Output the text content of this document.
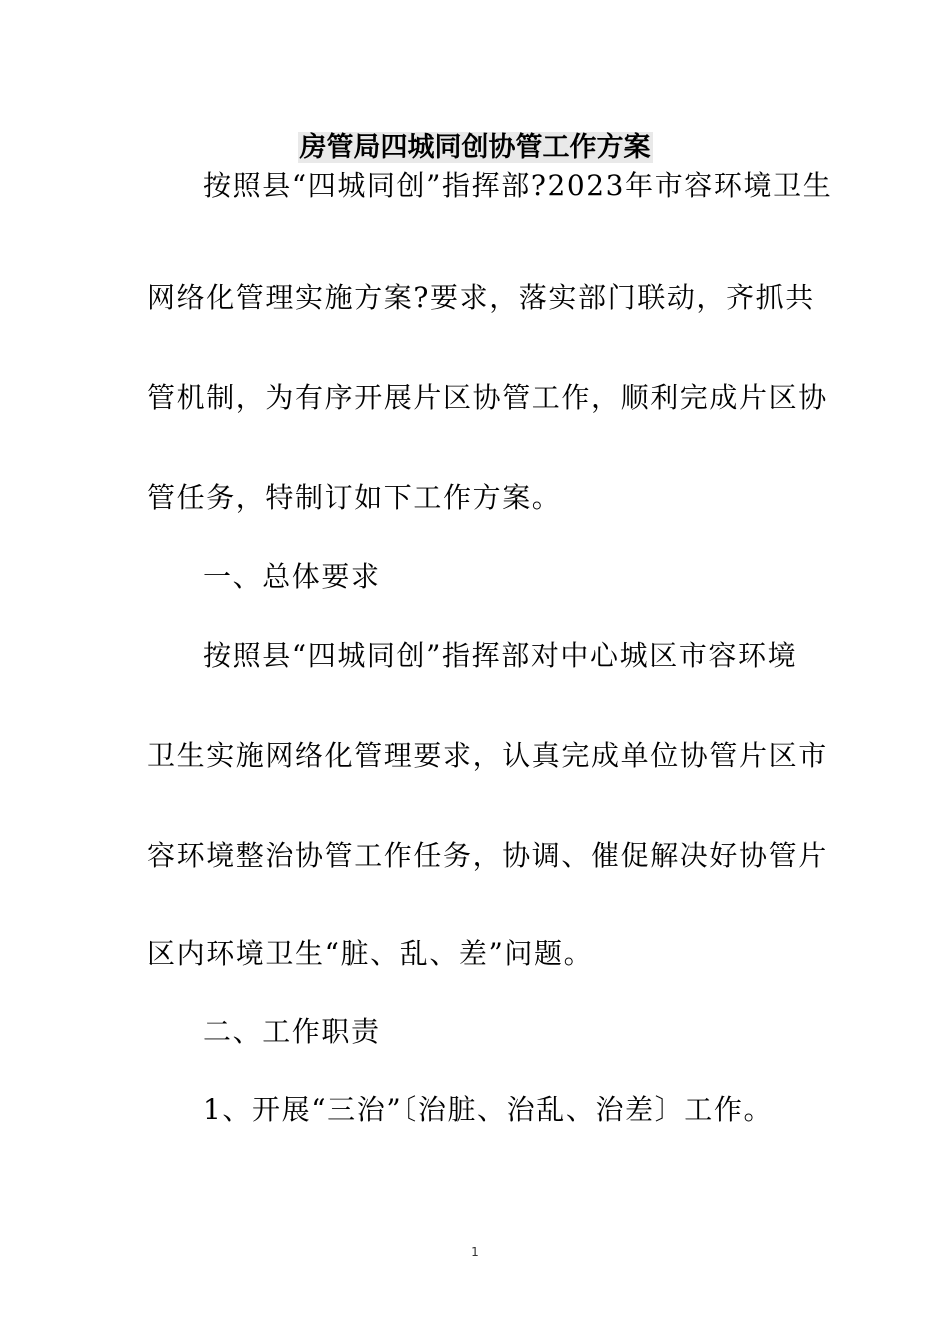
房管局四城同创协管工作方案
按照县“四城同创”指挥部?2023年市容环境卫生
网络化管理实施方案?要求，落实部门联动，齐抓共
管机制，为有序开展片区协管工作，顺利完成片区协
管任务，特制订如下工作方案。
一、总体要求
按照县“四城同创”指挥部对中心城区市容环境
卫生实施网络化管理要求，认真完成单位协管片区市
容环境整治协管工作任务，协调、催促解决好协管片
区内环境卫生“脏、乱、差”问题。
二、工作职责
1、开展“三治”〔治脏、治乱、治差〕工作。
1
